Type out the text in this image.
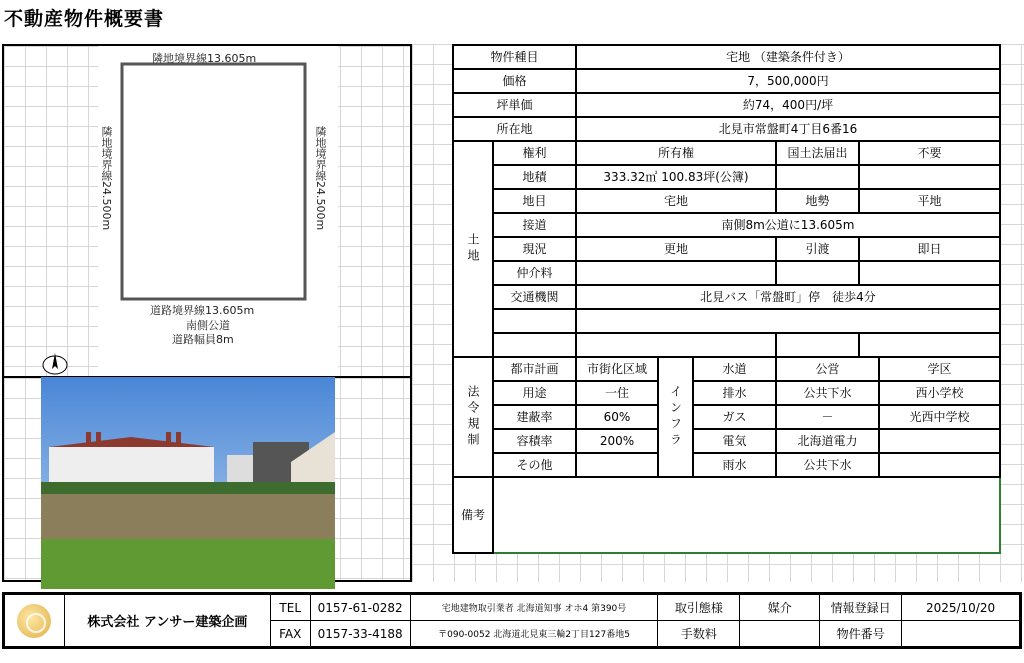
不動産物件概要書
隣地境界線13.605m
隣地境界線24.500m	隣地境界線24.500m
道路境界線13.605m
南側公道
道路幅員8m
物件種目		宅地 （建築条件付き）					
価格		7，500,000円					
坪単価		約74，400円/坪					
所在地		北見市常盤町4丁目6番16					
土地	権利	所有権			国土法届出	不要	
	地積	333.32㎡ 100.83坪(公簿)					
	地目	宅地			地勢	平地	
	接道	南側8m公道に13.605m					
	現況	更地			引渡	即日	
	仲介料						
	交通機関	北見バス「常盤町」停　徒歩4分					

法令規制	都市計画	市街化区域	インフラ	水道	公営		学区
	用途	一住		排水	公共下水		西小学校
	建蔽率	60%		ガス	－		光西中学校
	容積率	200%		電気	北海道電力		
	その他			雨水	公共下水		
備考							
	株式会社 アンサー建築企画	TEL	0157-61-0282	宅地建物取引業者 北海道知事 オホ4 第390号	取引態様	媒介	情報登録日	2025/10/20
		FAX	0157-33-4188	〒090-0052 北海道北見東三輪2丁目127番地5	手数料		物件番号	
